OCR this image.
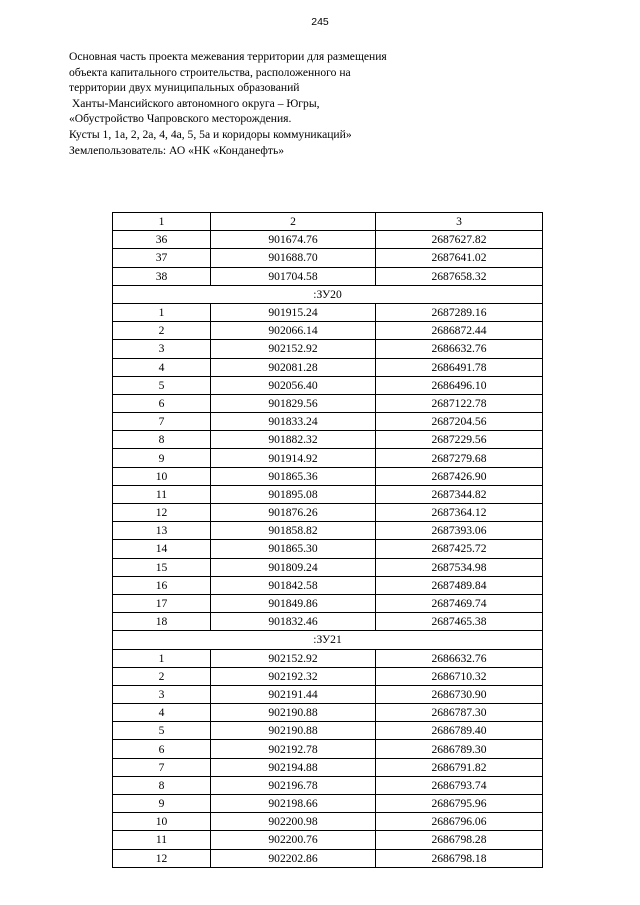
245
Основная часть проекта межевания территории для размещения
объекта капитального строительства, расположенного на
территории двух муниципальных образований
Ханты-Мансийского автономного округа – Югры,
«Обустройство Чапровского месторождения.
Кусты 1, 1а, 2, 2а, 4, 4а, 5, 5а и коридоры коммуникаций»
Землепользователь: АО «НК «Конданефть»
1	2	3
36	901674.76	2687627.82
37	901688.70	2687641.02
38	901704.58	2687658.32
:ЗУ20		
1	901915.24	2687289.16
2	902066.14	2686872.44
3	902152.92	2686632.76
4	902081.28	2686491.78
5	902056.40	2686496.10
6	901829.56	2687122.78
7	901833.24	2687204.56
8	901882.32	2687229.56
9	901914.92	2687279.68
10	901865.36	2687426.90
11	901895.08	2687344.82
12	901876.26	2687364.12
13	901858.82	2687393.06
14	901865.30	2687425.72
15	901809.24	2687534.98
16	901842.58	2687489.84
17	901849.86	2687469.74
18	901832.46	2687465.38
:ЗУ21		
1	902152.92	2686632.76
2	902192.32	2686710.32
3	902191.44	2686730.90
4	902190.88	2686787.30
5	902190.88	2686789.40
6	902192.78	2686789.30
7	902194.88	2686791.82
8	902196.78	2686793.74
9	902198.66	2686795.96
10	902200.98	2686796.06
11	902200.76	2686798.28
12	902202.86	2686798.18
